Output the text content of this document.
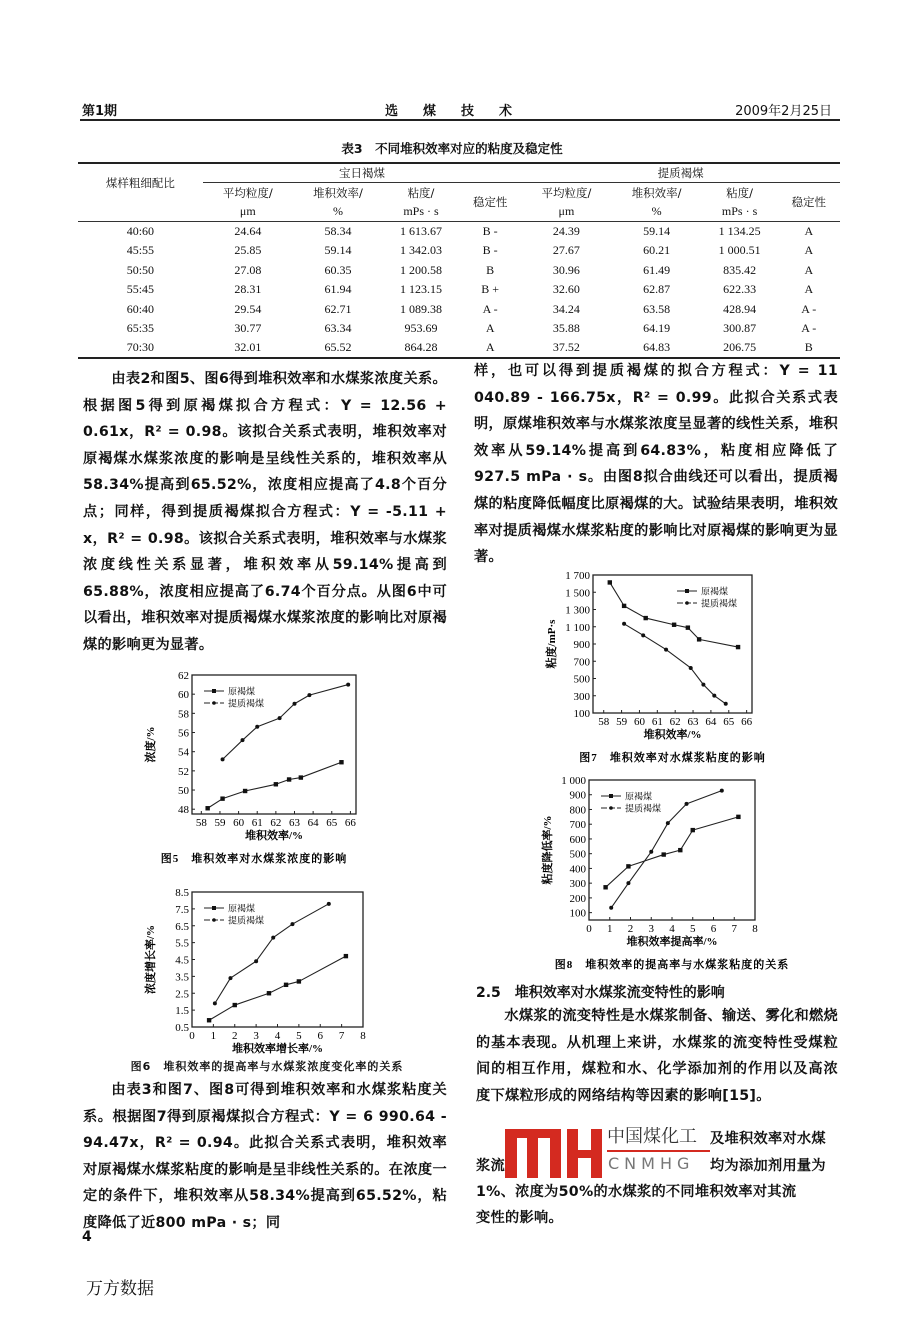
第1期	选　煤　技　术	2009年2月25日
表3　不同堆积效率对应的粘度及稳定性
煤样粗细配比	宝日褐煤				提质褐煤			
	平均粒度/	堆积效率/	粘度/	稳定性	平均粒度/	堆积效率/	粘度/	稳定性
	μm	%	mPs · s		μm	%	mPs · s	
40:60	24.64	58.34	1 613.67	B -	24.39	59.14	1 134.25	A
45:55	25.85	59.14	1 342.03	B -	27.67	60.21	1 000.51	A
50:50	27.08	60.35	1 200.58	B	30.96	61.49	835.42	A
55:45	28.31	61.94	1 123.15	B +	32.60	62.87	622.33	A
60:40	29.54	62.71	1 089.38	A -	34.24	63.58	428.94	A -
65:35	30.77	63.34	953.69	A	35.88	64.19	300.87	A -
70:30	32.01	65.52	864.28	A	37.52	64.83	206.75	B
由表2和图5、图6得到堆积效率和水煤浆浓度关系。根据图5得到原褐煤拟合方程式：Y = 12.56 + 0.61x，R² = 0.98。该拟合关系式表明，堆积效率对原褐煤水煤浆浓度的影响是呈线性关系的，堆积效率从58.34%提高到65.52%，浓度相应提高了4.8个百分点；同样，得到提质褐煤拟合方程式：Y = -5.11 + x，R² = 0.98。该拟合关系式表明，堆积效率与水煤浆浓度线性关系显著，堆积效率从59.14%提高到65.88%，浓度相应提高了6.74个百分点。从图6中可以看出，堆积效率对提质褐煤水煤浆浓度的影响比对原褐煤的影响更为显著。
样，也可以得到提质褐煤的拟合方程式：Y = 11 040.89 - 166.75x，R² = 0.99。此拟合关系式表明，原煤堆积效率与水煤浆浓度呈显著的线性关系，堆积效率从59.14%提高到64.83%，粘度相应降低了927.5 mPa · s。由图8拟合曲线还可以看出，提质褐煤的粘度降低幅度比原褐煤的大。试验结果表明，堆积效率对提质褐煤水煤浆粘度的影响比对原褐煤的影响更为显著。
58 59 60 61 62 63 64 65 66
48
50
52
54
56
58
60
62
堆积效率/%
浓度/%
原褐煤
提质褐煤
图5　堆积效率对水煤浆浓度的影响
0 1 2 3 4 5 6 7 8
0.5
1.5
2.5
3.5
4.5
5.5
6.5
7.5
8.5
堆积效率增长率/%
浓度增长率/%
原褐煤
提质褐煤
58 59 60 61 62 63 64 65 66
100
300
500
700
900
1 100
1 300
1 500
1 700
堆积效率/%
粘度/mP·s
原褐煤
提质褐煤
图7　堆积效率对水煤浆粘度的影响
0 1 2 3 4 5 6 7 8
100
200
300
400
500
600
700
800
900
1 000
堆积效率提高率/%
粘度降低率/%
原褐煤
提质褐煤
图8　堆积效率的提高率与水煤浆粘度的关系
图6　堆积效率的提高率与水煤浆浓度变化率的关系
由表3和图7、图8可得到堆积效率和水煤浆粘度关系。根据图7得到原褐煤拟合方程式：Y = 6 990.64 - 94.47x，R² = 0.94。此拟合关系式表明，堆积效率对原褐煤水煤浆粘度的影响是呈非线性关系的。在浓度一定的条件下，堆积效率从58.34%提高到65.52%，粘度降低了近800 mPa · s；同
4
2.5　堆积效率对水煤浆流变特性的影响
水煤浆的流变特性是水煤浆制备、输送、雾化和燃烧的基本表现。从机理上来讲，水煤浆的流变特性受煤粒间的相互作用，煤粒和水、化学添加剂的作用以及高浓度下煤粒形成的网络结构等因素的影响[15]。
及堆积效率对水煤
浆流	均为添加剂用量为
1%、浓度为50%的水煤浆的不同堆积效率对其流
变性的影响。
中国煤化工
CNMHG
万方数据
